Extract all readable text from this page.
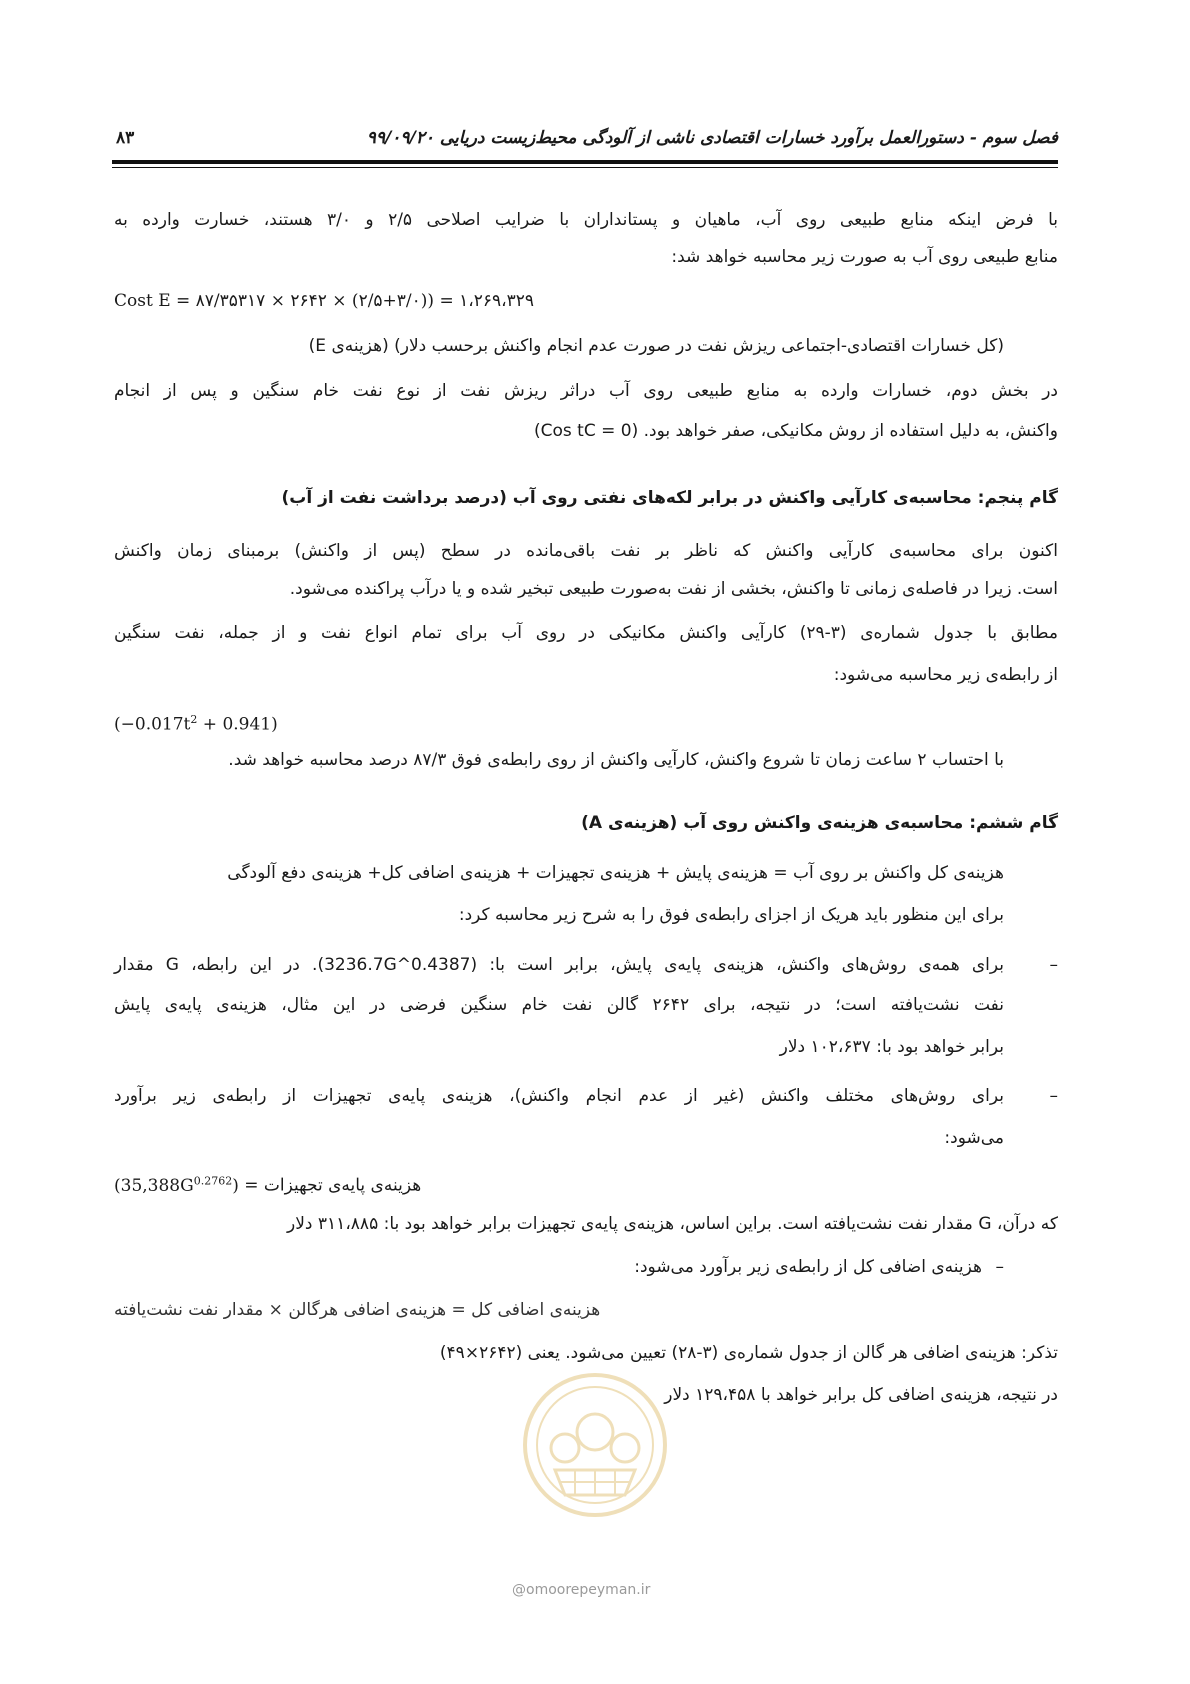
فصل سوم - دستورالعمل برآورد خسارات اقتصادی ناشی از آلودگی محیط‌زیست دریایی ۹۹/۰۹/۲۰
۸۳
با فرض اینکه منابع طبیعی روی آب، ماهیان و پستانداران با ضرایب اصلاحی ۲/۵ و ۳/۰ هستند، خسارت وارده به
منابع طبیعی روی آب به صورت زیر محاسبه خواهد شد:
Cost E = ۸۷/۳۵۳۱۷ × ۲۶۴۲ × (۲/۵+۳/۰)) = ۱،۲۶۹،۳۲۹
(کل خسارات اقتصادی-اجتماعی ریزش نفت در صورت عدم انجام واکنش برحسب دلار) (هزینه‌ی E)
در بخش دوم، خسارات وارده به منابع طبیعی روی آب دراثر ریزش نفت از نوع نفت خام سنگین و پس از انجام
واکنش، به دلیل استفاده از روش مکانیکی، صفر خواهد بود. (Cos tC = 0)
گام پنجم: محاسبه‌ی کارآیی واکنش در برابر لکه‌های نفتی روی آب (درصد برداشت نفت از آب)
اکنون برای محاسبه‌ی کارآیی واکنش که ناظر بر نفت باقی‌مانده در سطح (پس از واکنش) برمبنای زمان واکنش
است. زیرا در فاصله‌ی زمانی تا واکنش، بخشی از نفت به‌صورت طبیعی تبخیر شده و یا درآب پراکنده می‌شود.
مطابق با جدول شماره‌ی (۳-۲۹) کارآیی واکنش مکانیکی در روی آب برای تمام انواع نفت و از جمله، نفت سنگین
از رابطه‌ی زیر محاسبه می‌شود:
$(-0.017t^2 + 0.941)$
با احتساب ۲ ساعت زمان تا شروع واکنش، کارآیی واکنش از روی رابطه‌ی فوق ۸۷/۳ درصد محاسبه خواهد شد.
گام ششم: محاسبه‌ی هزینه‌ی واکنش روی آب (هزینه‌ی A)
هزینه‌ی کل واکنش بر روی آب = هزینه‌ی پایش + هزینه‌ی تجهیزات + هزینه‌ی اضافی کل+ هزینه‌ی دفع آلودگی
برای این منظور باید هریک از اجزای رابطه‌ی فوق را به شرح زیر محاسبه کرد:
–
برای همه‌ی روش‌های واکنش، هزینه‌ی پایه‌ی پایش، برابر است با: (3236.7G^0.4387). در این رابطه، G مقدار
نفت نشت‌یافته است؛ در نتیجه، برای ۲۶۴۲ گالن نفت خام سنگین فرضی در این مثال، هزینه‌ی پایه‌ی پایش
برابر خواهد بود با: ۱۰۲،۶۳۷ دلار
–
برای روش‌های مختلف واکنش (غیر از عدم انجام واکنش)، هزینه‌ی پایه‌ی تجهیزات از رابطه‌ی زیر برآورد
می‌شود:
هزینه‌ی پایه‌ی تجهیزات = $(35,388G^{0.2762})$
که درآن، G مقدار نفت نشت‌یافته است. براین اساس، هزینه‌ی پایه‌ی تجهیزات برابر خواهد بود با: ۳۱۱،۸۸۵ دلار
–
هزینه‌ی اضافی کل از رابطه‌ی زیر برآورد می‌شود:
هزینه‌ی اضافی کل = هزینه‌ی اضافی هرگالن × مقدار نفت نشت‌یافته
تذکر: هزینه‌ی اضافی هر گالن از جدول شماره‌ی (۳-۲۸) تعیین می‌شود. یعنی (۲۶۴۲×۴۹)
در نتیجه، هزینه‌ی اضافی کل برابر خواهد با ۱۲۹،۴۵۸ دلار
@omoorepeyman.ir
